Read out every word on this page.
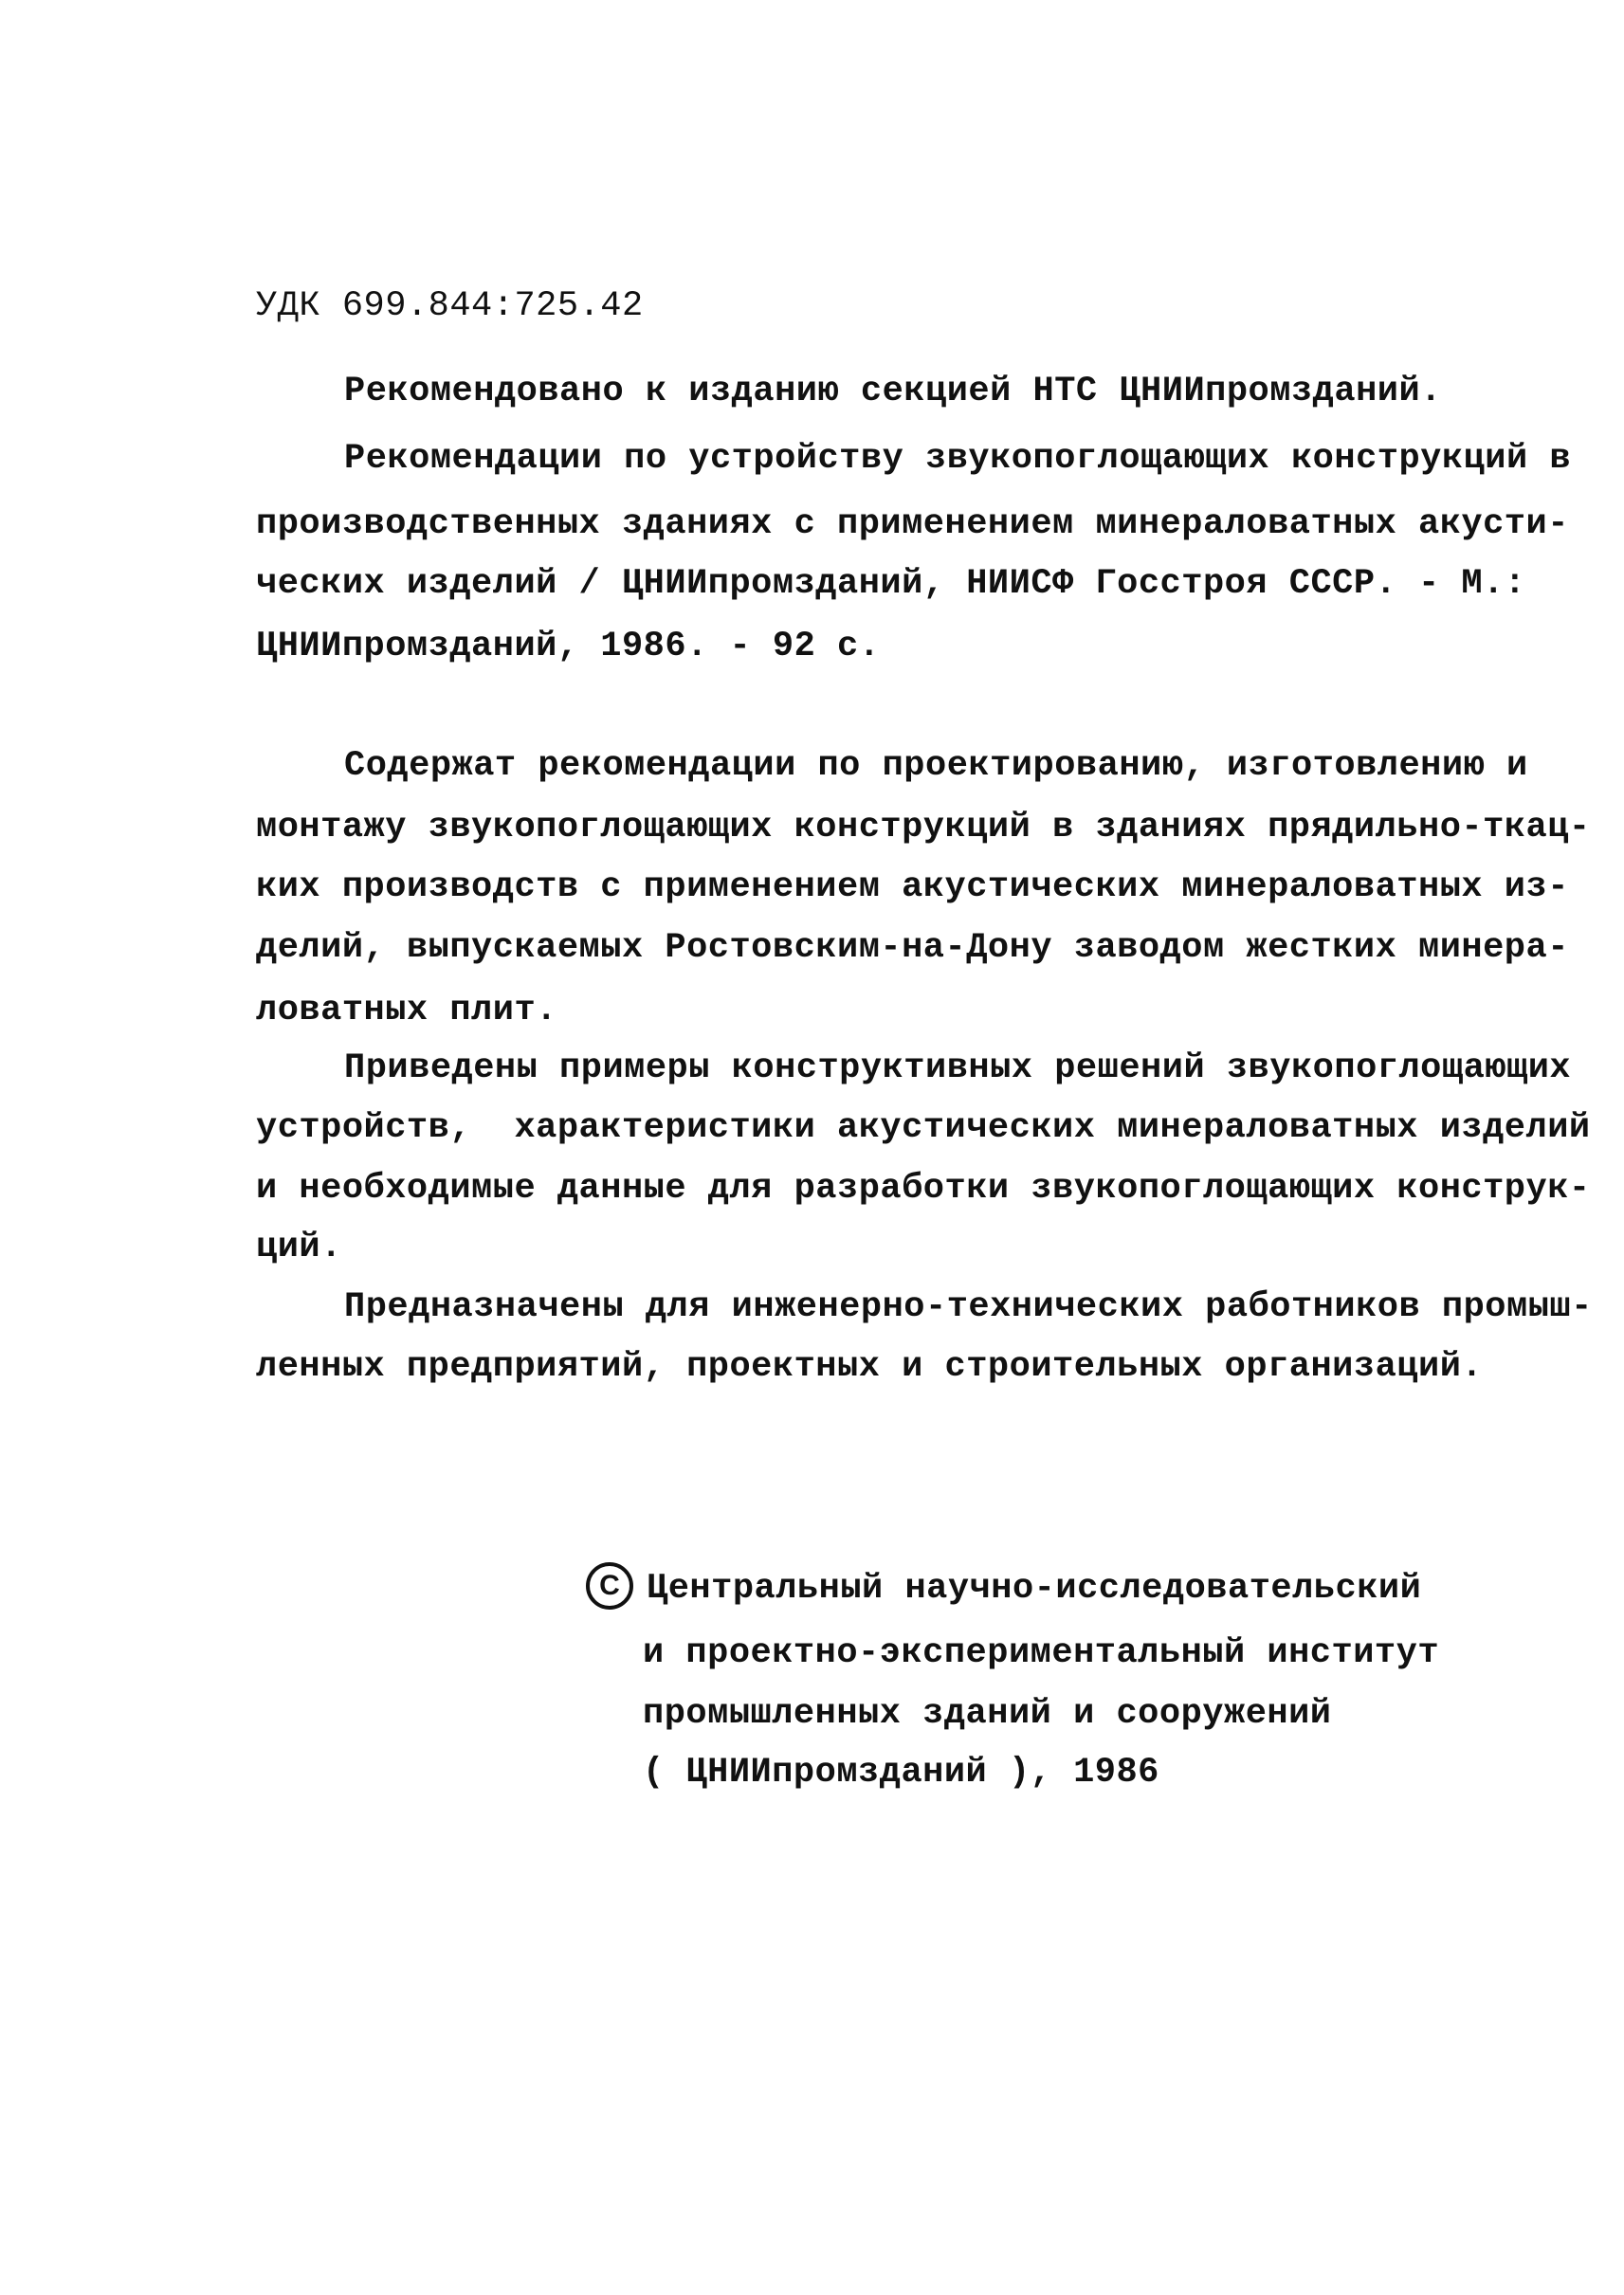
УДК 699.844:725.42
Рекомендовано к изданию секцией НТС ЦНИИпромзданий.
Рекомендации по устройству звукопоглощающих конструкций в
производственных зданиях с применением минераловатных акусти-
ческих изделий / ЦНИИпромзданий, НИИСФ Госстроя СССР. - М.:
ЦНИИпромзданий, 1986. - 92 с.
Содержат рекомендации по проектированию, изготовлению и
монтажу звукопоглощающих конструкций в зданиях прядильно-ткац-
ких производств с применением акустических минераловатных из-
делий, выпускаемых Ростовским-на-Дону заводом жестких минера-
ловатных плит.
Приведены примеры конструктивных решений звукопоглощающих
устройств,  характеристики акустических минераловатных изделий
и необходимые данные для разработки звукопоглощающих конструк-
ций.
Предназначены для инженерно-технических работников промыш-
ленных предприятий, проектных и строительных организаций.
C Центральный научно-исследовательский
и проектно-экспериментальный институт
промышленных зданий и сооружений
( ЦНИИпромзданий ), 1986
